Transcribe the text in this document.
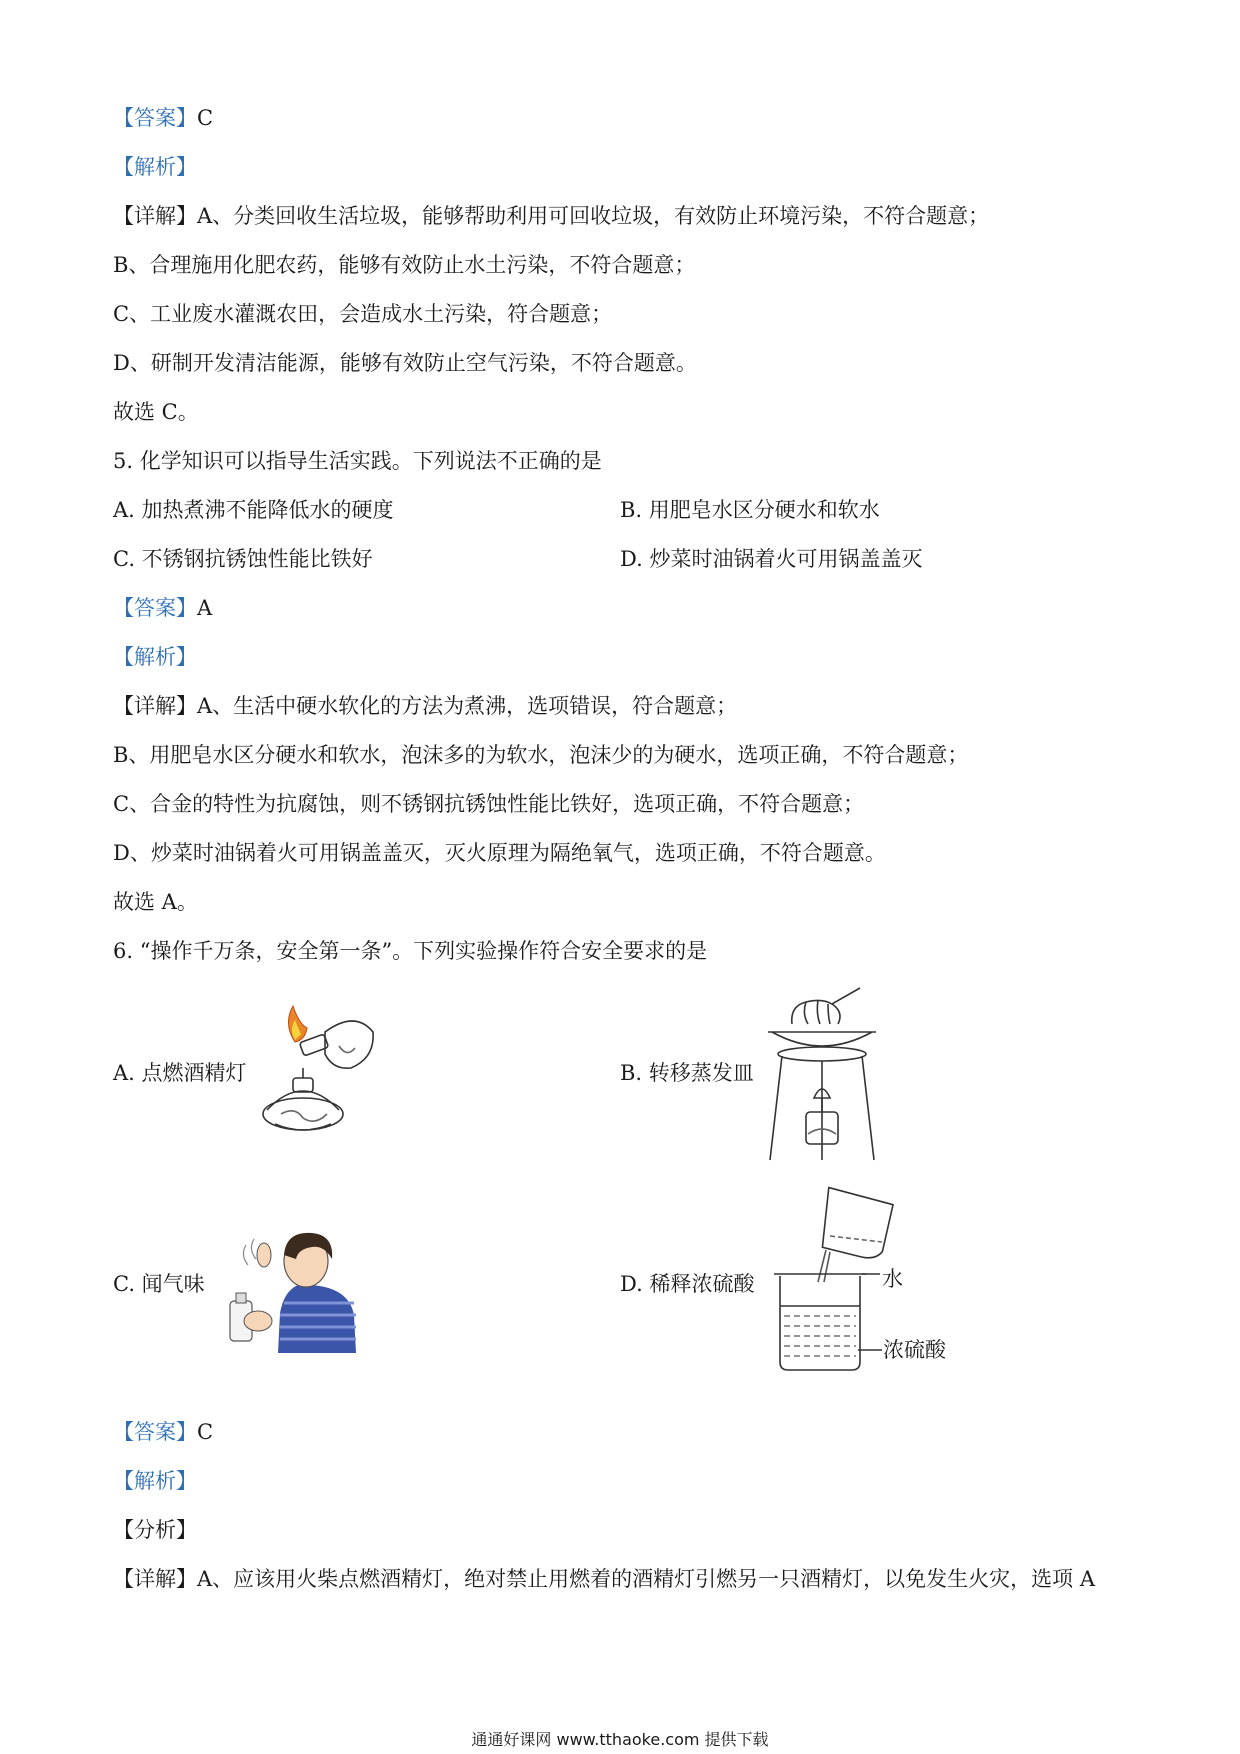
【答案】C
【解析】
【详解】A、分类回收生活垃圾，能够帮助利用可回收垃圾，有效防止环境污染，不符合题意；
B、合理施用化肥农药，能够有效防止水土污染，不符合题意；
C、工业废水灌溉农田，会造成水土污染，符合题意；
D、研制开发清洁能源，能够有效防止空气污染，不符合题意。
故选 C。
5. 化学知识可以指导生活实践。下列说法不正确的是
A. 加热煮沸不能降低水的硬度	B. 用肥皂水区分硬水和软水
C. 不锈钢抗锈蚀性能比铁好	D. 炒菜时油锅着火可用锅盖盖灭
【答案】A
【解析】
【详解】A、生活中硬水软化的方法为煮沸，选项错误，符合题意；
B、用肥皂水区分硬水和软水，泡沫多的为软水，泡沫少的为硬水，选项正确，不符合题意；
C、合金的特性为抗腐蚀，则不锈钢抗锈蚀性能比铁好，选项正确，不符合题意；
D、炒菜时油锅着火可用锅盖盖灭，灭火原理为隔绝氧气，选项正确，不符合题意。
故选 A。
6. “操作千万条，安全第一条”。下列实验操作符合安全要求的是
A. 点燃酒精灯	B. 转移蒸发皿
C. 闻气味	D. 稀释浓硫酸	水
浓硫酸
【答案】C
【解析】
【分析】
【详解】A、应该用火柴点燃酒精灯，绝对禁止用燃着的酒精灯引燃另一只酒精灯，以免发生火灾，选项 A
通通好课网 www.tthaoke.com 提供下载
